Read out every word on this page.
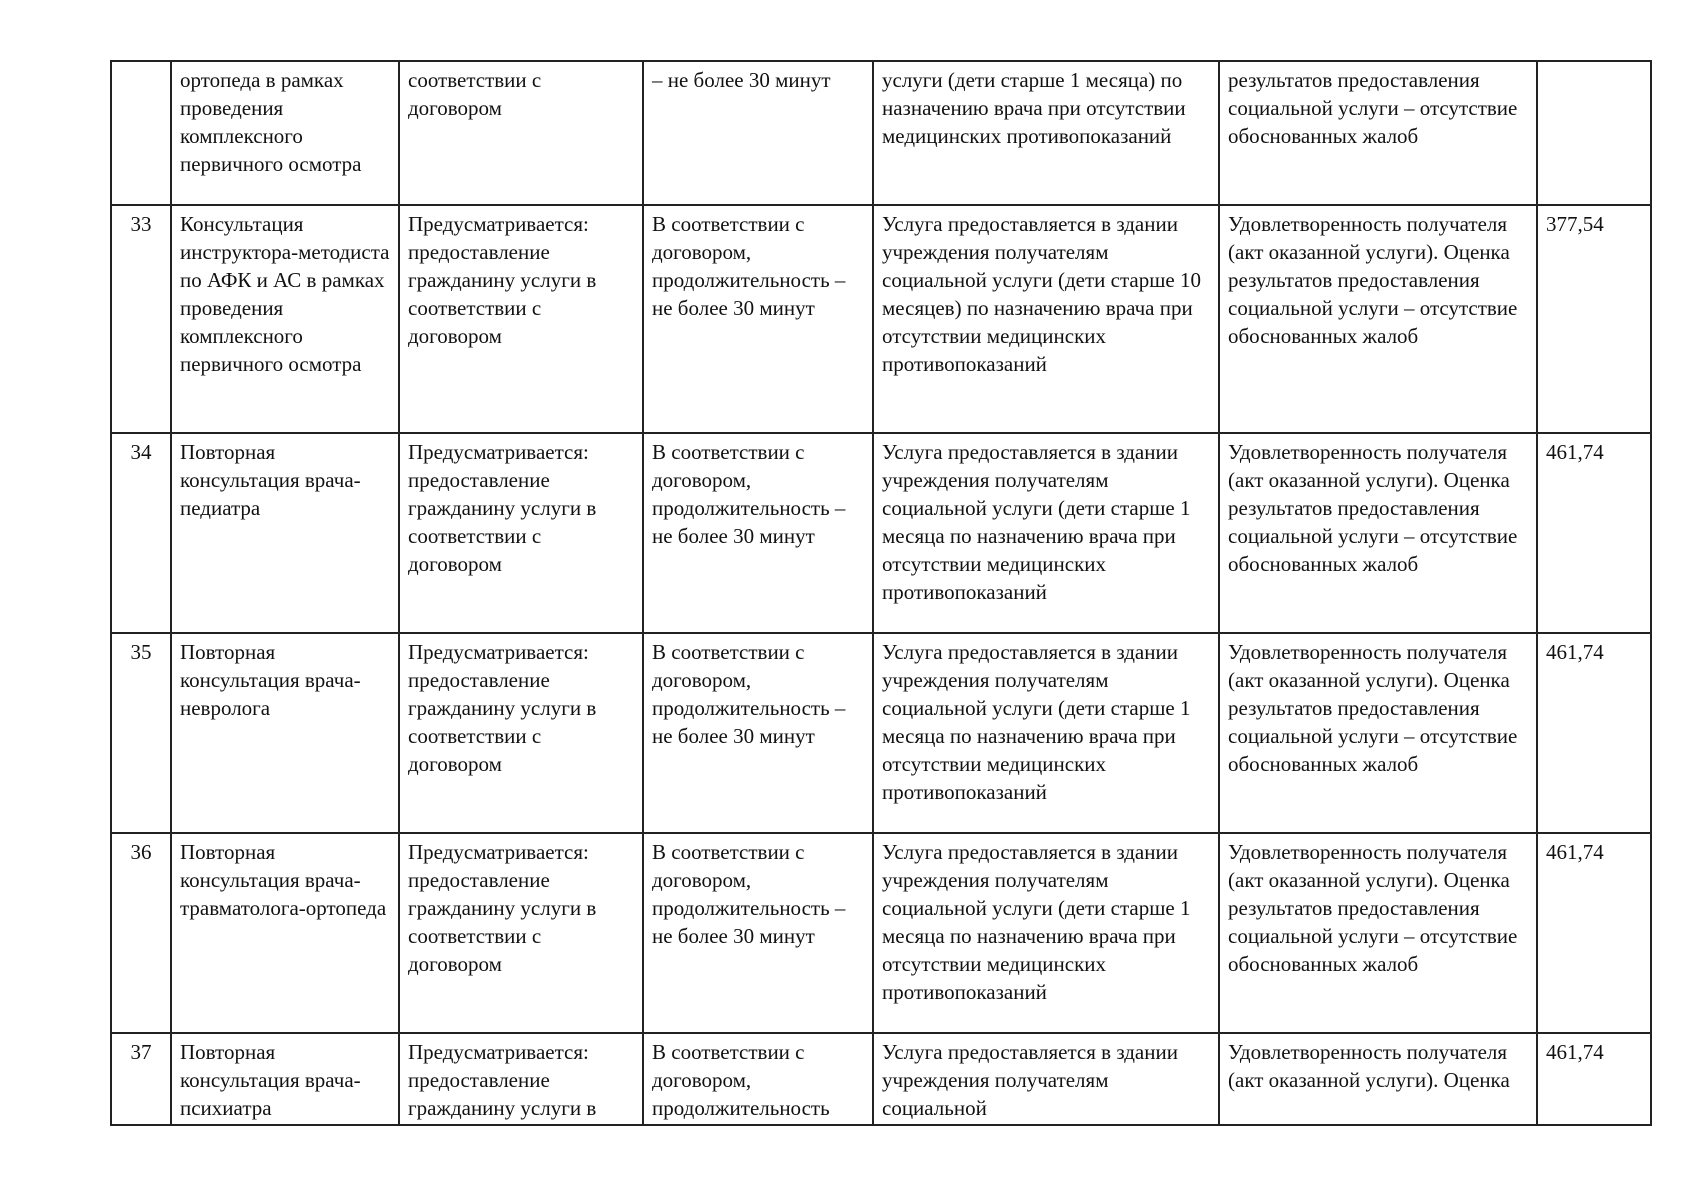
	ортопеда в рамках проведения комплексного первичного осмотра	соответствии с договором	– не более 30 минут	услуги (дети старше 1 месяца) по назначению врача при отсутствии медицинских противопоказаний	результатов предоставления социальной услуги – отсутствие обоснованных жалоб	
33	Консультация инструктора-методиста по АФК и АС в рамках проведения комплексного первичного осмотра	Предусматривается: предоставление гражданину услуги в соответствии с договором	В соответствии с договором, продолжительность – не более 30 минут	Услуга предоставляется в здании учреждения получателям социальной услуги (дети старше 10 месяцев) по назначению врача при отсутствии медицинских противопоказаний	Удовлетворенность получателя (акт оказанной услуги). Оценка результатов предоставления социальной услуги – отсутствие обоснованных жалоб	377,54
34	Повторная консультация врача-педиатра	Предусматривается: предоставление гражданину услуги в соответствии с договором	В соответствии с договором, продолжительность – не более 30 минут	Услуга предоставляется в здании учреждения получателям социальной услуги (дети старше 1 месяца по назначению врача при отсутствии медицинских противопоказаний	Удовлетворенность получателя (акт оказанной услуги). Оценка результатов предоставления социальной услуги – отсутствие обоснованных жалоб	461,74
35	Повторная консультация врача-невролога	Предусматривается: предоставление гражданину услуги в соответствии с договором	В соответствии с договором, продолжительность – не более 30 минут	Услуга предоставляется в здании учреждения получателям социальной услуги (дети старше 1 месяца по назначению врача при отсутствии медицинских противопоказаний	Удовлетворенность получателя (акт оказанной услуги). Оценка результатов предоставления социальной услуги – отсутствие обоснованных жалоб	461,74
36	Повторная консультация врача-травматолога-ортопеда	Предусматривается: предоставление гражданину услуги в соответствии с договором	В соответствии с договором, продолжительность – не более 30 минут	Услуга предоставляется в здании учреждения получателям социальной услуги (дети старше 1 месяца по назначению врача при отсутствии медицинских противопоказаний	Удовлетворенность получателя (акт оказанной услуги). Оценка результатов предоставления социальной услуги – отсутствие обоснованных жалоб	461,74
37	Повторная консультация врача-психиатра	Предусматривается: предоставление гражданину услуги в	В соответствии с договором, продолжительность	Услуга предоставляется в здании учреждения получателям социальной	Удовлетворенность получателя (акт оказанной услуги). Оценка	461,74
